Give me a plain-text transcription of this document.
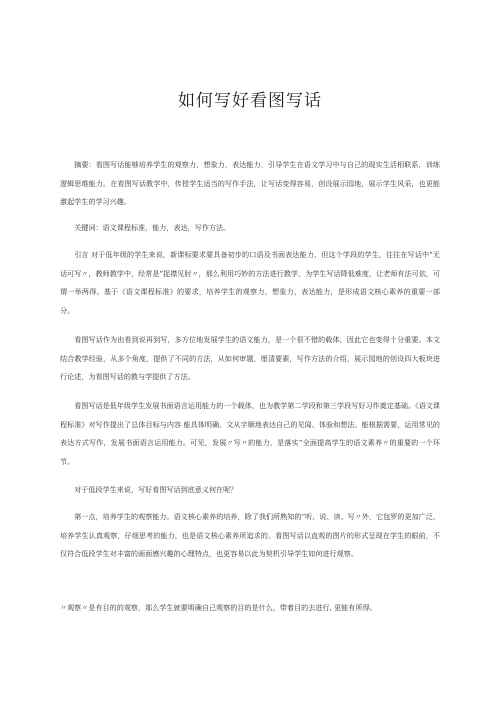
如何写好看图写话

摘要：看图写话能够培养学生的观察力，想象力，表达能力，引导学生在语文学习中与自己的现实生活相联系，训练逻辑思维能力。在看图写话教学中，传授学生适当的写作手法，让写话变得容易，创设展示园地，展示学生风采，也更能激起学生的学习兴趣。

关键词：语文课程标准，能力，表达，写作方法。

引言 对于低年级的学生来说，新课标要求要具备初步的口语及书面表达能力，但这个学段的学生，往往在写话中“无话可写〃，教师教学中，经常是“捉襟见肘〃，那么利用巧妙的方法进行教学，为学生写话降低难度，让老师有法可依，可谓一举两得。基于《语文课程标准》的要求，培养学生的观察力，想象力，表达能力，是形成语文核心素养的重要一部分。

看图写话作为由看到说再到写，多方位地发展学生的语文能力，是一个很不错的载体，因此它也变得十分重要。本文结合教学经验，从多个角度，提供了不同的方法，从如何审题，厘清要素，写作方法的介绍，展示园地的创设四大板块进行论述，为看图写话的教与学提供了方法。

看图写话是低年级学生发展书面语言运用能力的一个载体，也为教学第二学段和第三学段写好习作奠定基础。《语文课程标准》对写作提出了总体目标与内容 能具体明确、文从字顺地表达自己的见闻、体验和想法。能根据需要，运用常见的表达方式写作，发展书面语言运用能力。可见，发展〃写〃的能力，是落实“全面提高学生的语文素养〃的重要的一个环节。

对于低段学生来说，写好看图写话到底意义何在呢？

第一点，培养学生的观察能力。语文核心素养的培养，除了我们所熟知的“听、说、读、写〃外，它包罗的更加广泛，培养学生认真观察，仔细思考的能力，也是语文核心素养所追求的。看图写话以直观的图片的形式呈现在学生的眼前，不仅符合低段学生对丰富的画面感兴趣的心理特点，也更容易以此为契机引导学生如何进行观察。

〃观察〃是有目的的观察，那么学生就要明确自己观察的目的是什么，带着目的去进行, 更能有所得。
